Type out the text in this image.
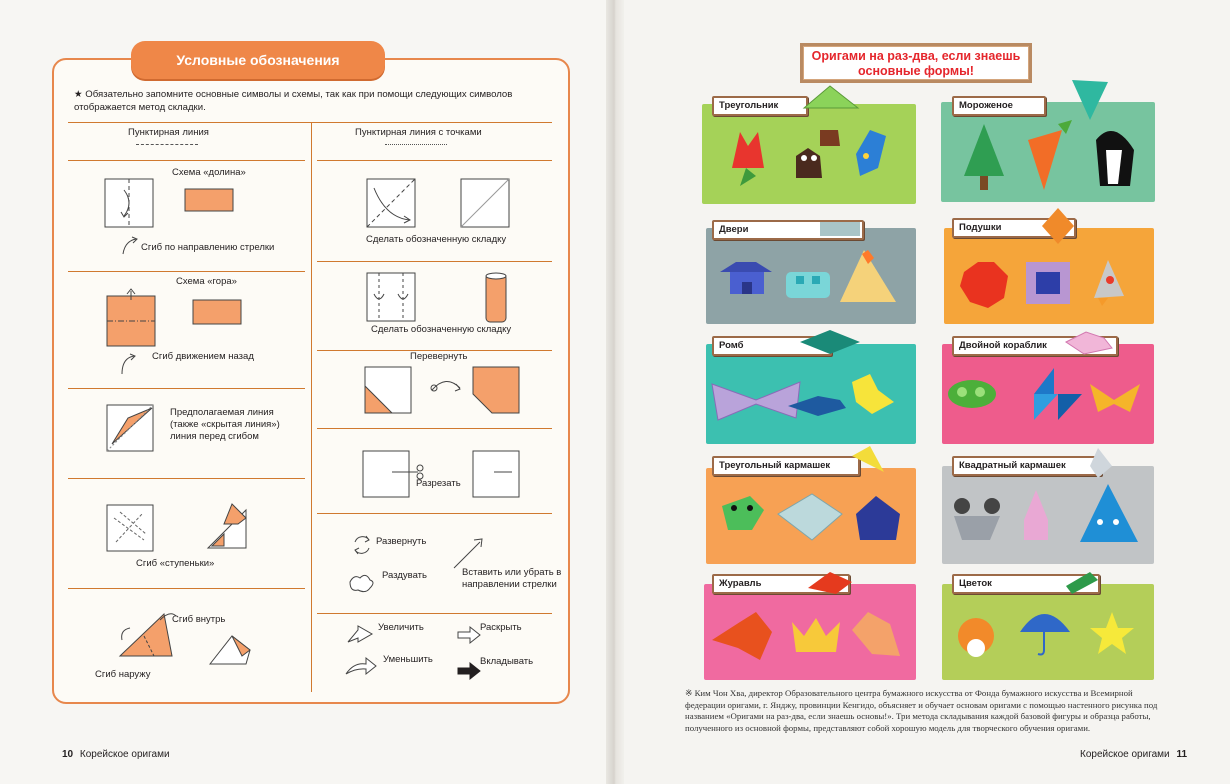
Условные обозначения
★ Обязательно запомните основные символы и схемы, так как при помощи следующих символов отображается метод складки.
Пунктирная линия	Пунктирная линия с точками
Схема «долина»
Сгиб по направлению стрелки
Сделать обозначенную складку
Схема «гора»
Сгиб движением назад
Сделать обозначенную складку
Перевернуть
Предполагаемая линия (также «скрытая линия») линия перед сгибом
Разрезать
Сгиб «ступеньки»
Развернуть
Раздувать	Вставить или убрать в направлении стрелки
Сгиб внутрь
Сгиб наружу
Увеличить	Раскрыть
Уменьшить	Вкладывать
10 Корейское оригами
Оригами на раз-два, если знаешь основные формы!
Треугольник	Мороженое
Двери	Подушки
Ромб	Двойной кораблик
Треугольный кармашек	Квадратный кармашек
Журавль	Цветок
※ Ким Чон Хва, директор Образовательного центра бумажного искусства от Фонда бумажного искусства и Всемирной федерации оригами, г. Янджу, провинции Кенгидо, объясняет и обучает основам оригами с помощью настенного рисунка под названием «Оригами на раз-два, если знаешь основы!». Три метода складывания каждой базовой фигуры и образца работы, полученного из основной формы, представляют собой хорошую модель для творческого обучения оригами.
Корейское оригами 11
